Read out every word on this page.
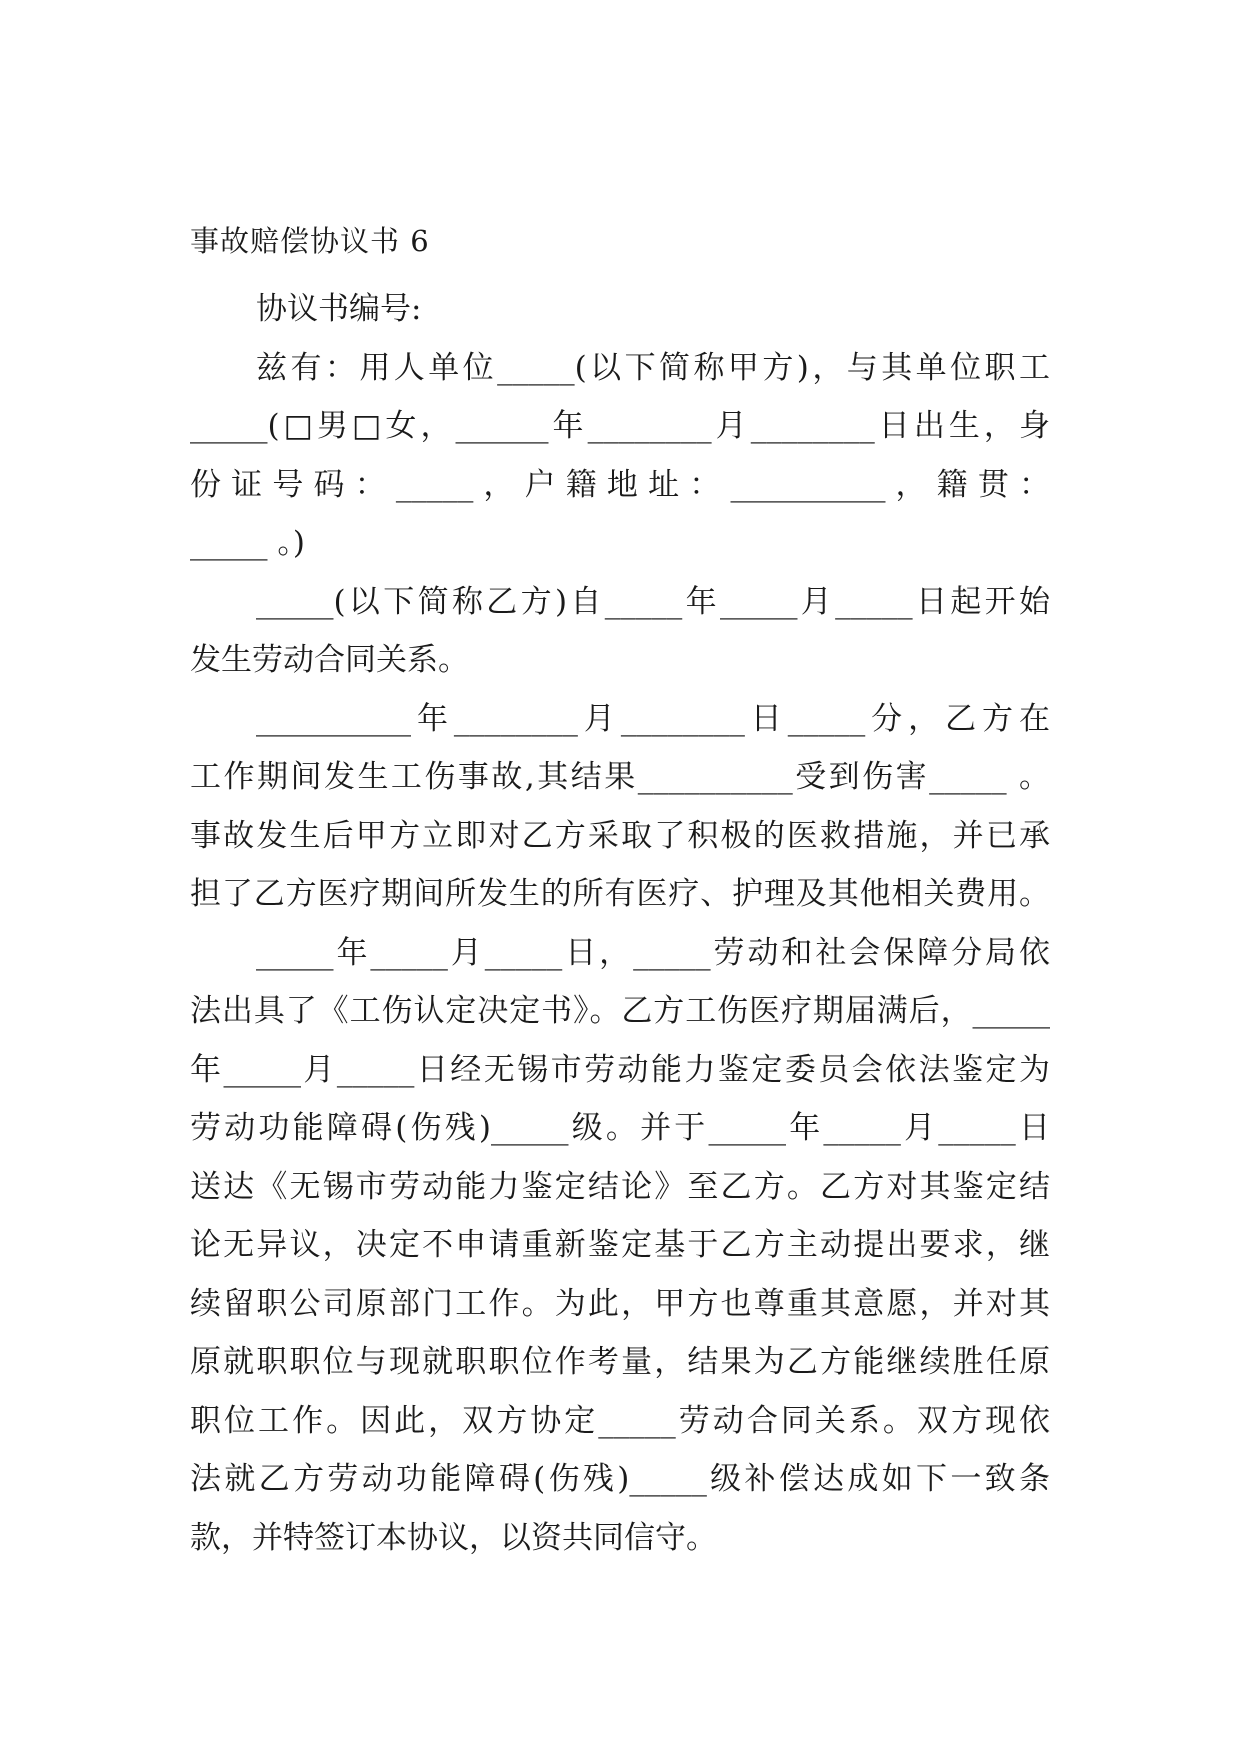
事故赔偿协议书 6
协议书编号:
兹有：用人单位_____(以下简称甲方)，与其单位职工
_____(□男□女，______年________月________日出生，身
份 证 号 码 ： _____ ， 户 籍 地 址 ： __________ ， 籍 贯 ：
_____ 。)
_____(以下简称乙方)自_____年_____月_____日起开始
发生劳动合同关系。
__________年________月________日_____分，乙方在
工作期间发生工伤事故,其结果__________受到伤害_____ 。
事故发生后甲方立即对乙方采取了积极的医救措施，并已承
担了乙方医疗期间所发生的所有医疗、护理及其他相关费用。
_____年_____月_____日，_____劳动和社会保障分局依
法出具了《工伤认定决定书》。乙方工伤医疗期届满后，_____
年_____月_____日经无锡市劳动能力鉴定委员会依法鉴定为
劳动功能障碍(伤残)_____级。并于_____年_____月_____日
送达《无锡市劳动能力鉴定结论》至乙方。乙方对其鉴定结
论无异议，决定不申请重新鉴定基于乙方主动提出要求，继
续留职公司原部门工作。为此，甲方也尊重其意愿，并对其
原就职职位与现就职职位作考量，结果为乙方能继续胜任原
职位工作。因此，双方协定_____劳动合同关系。双方现依
法就乙方劳动功能障碍(伤残)_____级补偿达成如下一致条
款，并特签订本协议，以资共同信守。
